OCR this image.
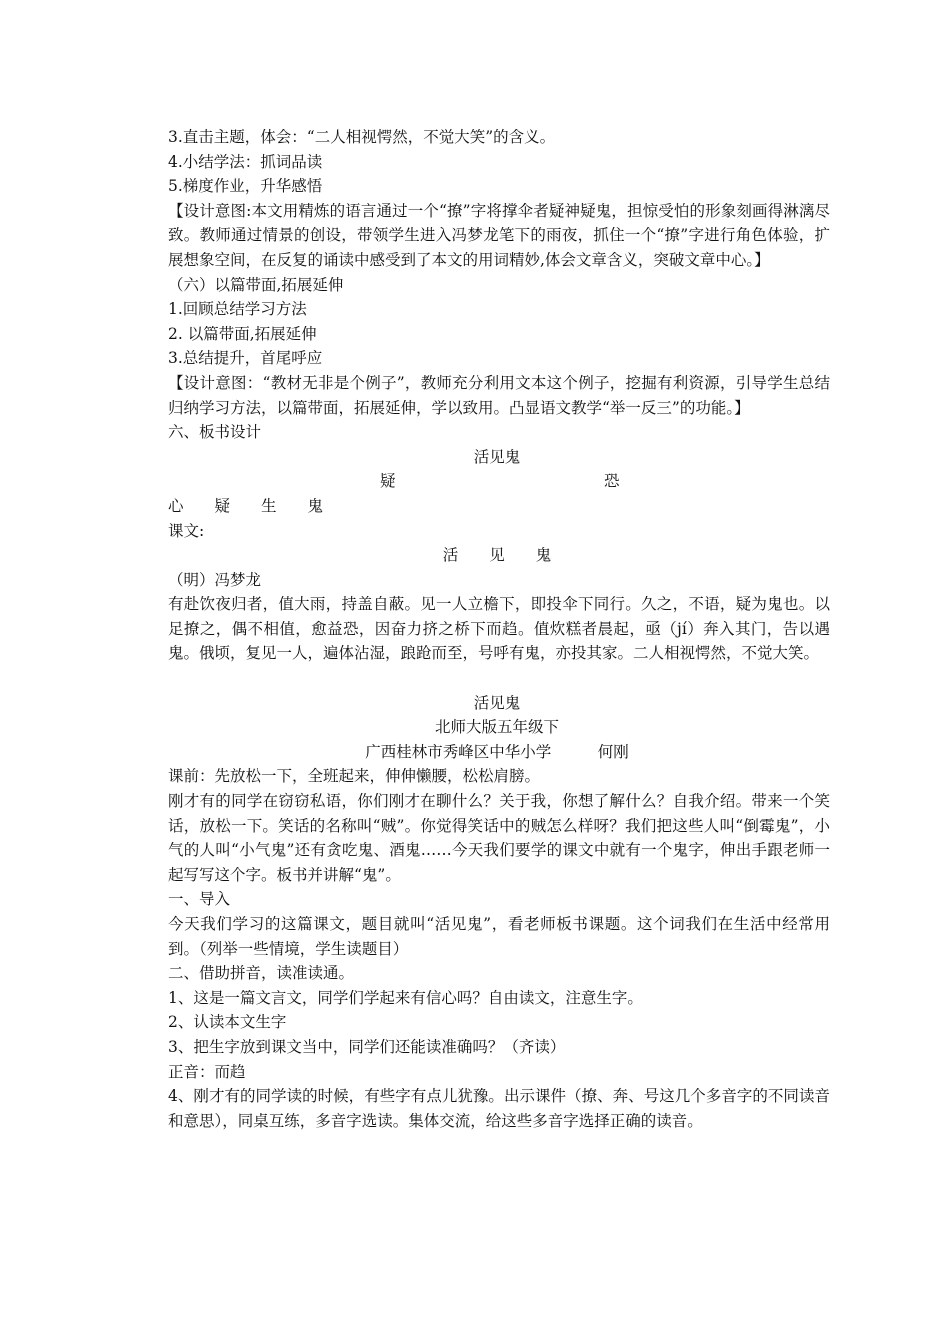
3.直击主题，体会：“二人相视愕然，不觉大笑”的含义。

4.小结学法：抓词品读

5.梯度作业，升华感悟

【设计意图:本文用精炼的语言通过一个“撩”字将撑伞者疑神疑鬼，担惊受怕的形象刻画得淋漓尽致。教师通过情景的创设，带领学生进入冯梦龙笔下的雨夜，抓住一个“撩”字进行角色体验，扩展想象空间，在反复的诵读中感受到了本文的用词精妙,体会文章含义，突破文章中心。】

（六）以篇带面,拓展延伸

1.回顾总结学习方法

2. 以篇带面,拓展延伸

3.总结提升，首尾呼应

【设计意图：“教材无非是个例子”，教师充分利用文本这个例子，挖掘有利资源，引导学生总结归纳学习方法，以篇带面，拓展延伸，学以致用。凸显语文教学“举一反三”的功能。】

六、板书设计

活见鬼

疑	恐

心　　疑　　生　　鬼

课文:

活　　见　　鬼

（明）冯梦龙

有赴饮夜归者，值大雨，持盖自蔽。见一人立檐下，即投伞下同行。久之，不语，疑为鬼也。以足撩之，偶不相值，愈益恐，因奋力挤之桥下而趋。值炊糕者晨起，亟（jí）奔入其门，告以遇鬼。俄顷，复见一人，遍体沾湿，踉跄而至，号呼有鬼，亦投其家。二人相视愕然，不觉大笑。

活见鬼

北师大版五年级下

广西桂林市秀峰区中华小学　　　何刚

课前：先放松一下，全班起来，伸伸懒腰，松松肩膀。

刚才有的同学在窃窃私语，你们刚才在聊什么？关于我，你想了解什么？自我介绍。带来一个笑话，放松一下。笑话的名称叫“贼”。你觉得笑话中的贼怎么样呀？我们把这些人叫“倒霉鬼”，小气的人叫“小气鬼”还有贪吃鬼、酒鬼……今天我们要学的课文中就有一个鬼字，伸出手跟老师一起写写这个字。板书并讲解“鬼”。

一、导入

今天我们学习的这篇课文，题目就叫“活见鬼”，看老师板书课题。这个词我们在生活中经常用到。（列举一些情境，学生读题目）

二、借助拼音，读准读通。

1、这是一篇文言文，同学们学起来有信心吗？自由读文，注意生字。

2、认读本文生字

3、把生字放到课文当中，同学们还能读准确吗？（齐读）

正音：而趋

4、刚才有的同学读的时候，有些字有点儿犹豫。出示课件（撩、奔、号这几个多音字的不同读音和意思），同桌互练，多音字选读。集体交流，给这些多音字选择正确的读音。
